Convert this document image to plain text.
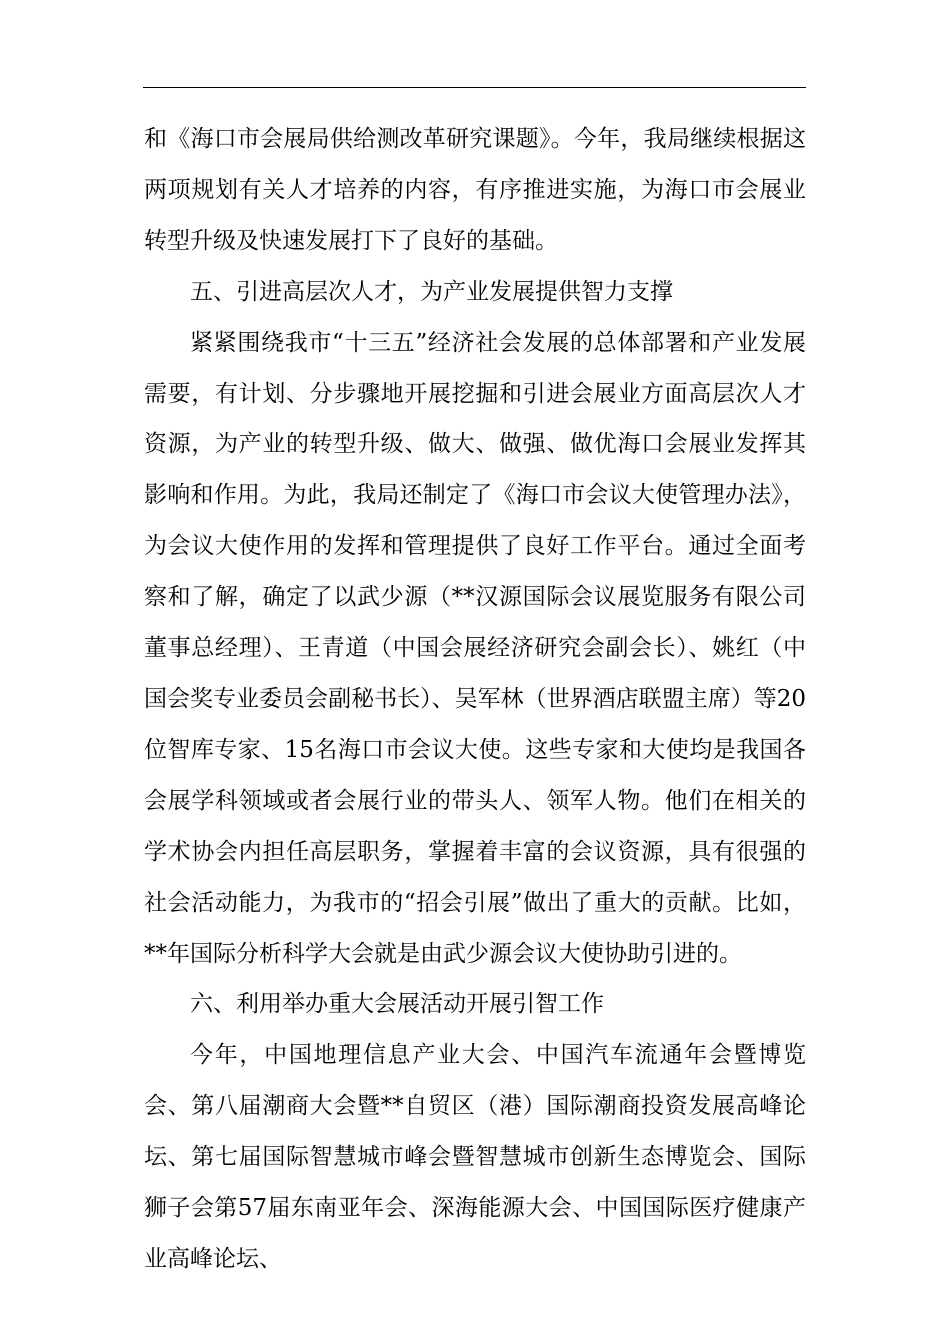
和《海口市会展局供给测改革研究课题》。今年，我局继续根据这两项规划有关人才培养的内容，有序推进实施，为海口市会展业转型升级及快速发展打下了良好的基础。

五、引进高层次人才，为产业发展提供智力支撑

紧紧围绕我市“十三五”经济社会发展的总体部署和产业发展需要，有计划、分步骤地开展挖掘和引进会展业方面高层次人才资源，为产业的转型升级、做大、做强、做优海口会展业发挥其影响和作用。为此，我局还制定了《海口市会议大使管理办法》，为会议大使作用的发挥和管理提供了良好工作平台。通过全面考察和了解，确定了以武少源（**汉源国际会议展览服务有限公司董事总经理）、王青道（中国会展经济研究会副会长）、姚红（中国会奖专业委员会副秘书长）、吴军林（世界酒店联盟主席）等20位智库专家、15名海口市会议大使。这些专家和大使均是我国各会展学科领域或者会展行业的带头人、领军人物。他们在相关的学术协会内担任高层职务，掌握着丰富的会议资源，具有很强的社会活动能力，为我市的“招会引展”做出了重大的贡献。比如，**年国际分析科学大会就是由武少源会议大使协助引进的。

六、利用举办重大会展活动开展引智工作

今年，中国地理信息产业大会、中国汽车流通年会暨博览会、第八届潮商大会暨**自贸区（港）国际潮商投资发展高峰论坛、第七届国际智慧城市峰会暨智慧城市创新生态博览会、国际狮子会第57届东南亚年会、深海能源大会、中国国际医疗健康产业高峰论坛、
